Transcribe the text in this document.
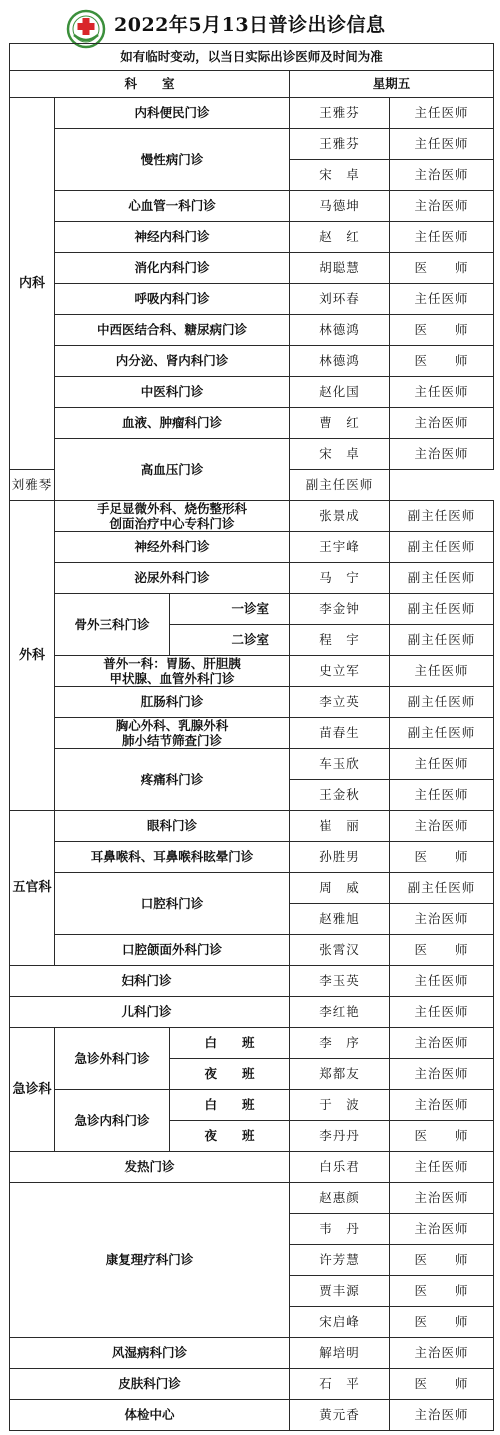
2022年5月13日普诊出诊信息
如有临时变动，以当日实际出诊医师及时间为准				
科　　室			星期五	
内科	内科便民门诊		王雅芬	主任医师
	慢性病门诊		王雅芬	主任医师
			宋　卓	主治医师
	心血管一科门诊		马德坤	主治医师
	神经内科门诊		赵　红	主任医师
	消化内科门诊		胡聪慧	医　　师
	呼吸内科门诊		刘环春	主任医师
	中西医结合科、糖尿病门诊		林德鸿	医　　师
	内分泌、肾内科门诊		林德鸿	医　　师
	中医科门诊		赵化国	主任医师
	血液、肿瘤科门诊		曹　红	主治医师
	高血压门诊		宋　卓	主治医师
刘雅琴			副主任医师	
外科	手足显微外科、烧伤整形科
创面治疗中心专科门诊		张景成	副主任医师
	神经外科门诊		王宇峰	副主任医师
	泌尿外科门诊		马　宁	副主任医师
	骨外三科门诊	一诊室	李金钟	副主任医师
		二诊室	程　宇	副主任医师

	普外一科：胃肠、肝胆胰
甲状腺、血管外科门诊		史立军	主任医师
	肛肠科门诊		李立英	副主任医师

	胸心外科、乳腺外科
肺小结节筛查门诊		苗春生	副主任医师
	疼痛科门诊		车玉欣	主任医师
			王金秋	主任医师
五官科	眼科门诊		崔　丽	主治医师
	耳鼻喉科、耳鼻喉科眩晕门诊		孙胜男	医　　师
	口腔科门诊		周　威	副主任医师
			赵雅旭	主治医师
	口腔颌面外科门诊		张霄汉	医　　师
妇科门诊			李玉英	主任医师
儿科门诊			李红艳	主任医师
急诊科	急诊外科门诊	白　　班	李　序	主治医师
		夜　　班	郑都友	主治医师
	急诊内科门诊	白　　班	于　波	主治医师
		夜　　班	李丹丹	医　　师
发热门诊			白乐君	主任医师
康复理疗科门诊			赵惠颜	主治医师
			韦　丹	主治医师
			许芳慧	医　　师
			贾丰源	医　　师
			宋启峰	医　　师
风湿病科门诊			解培明	主治医师
皮肤科门诊			石　平	医　　师
体检中心			黄元香	主治医师
